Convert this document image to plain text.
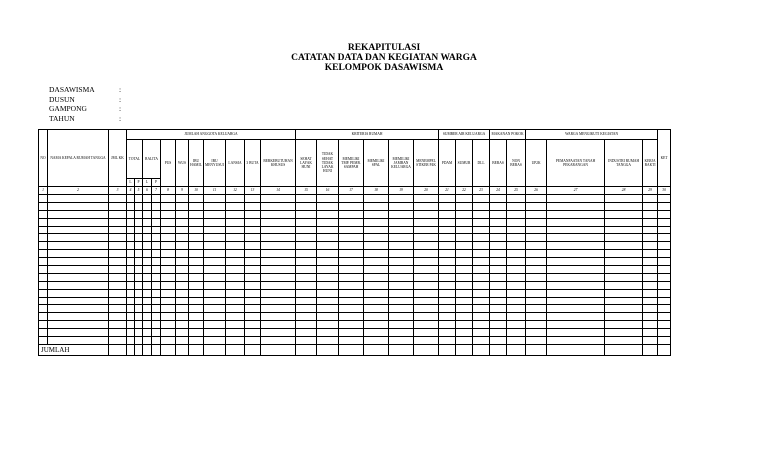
REKAPITULASI
CATATAN DATA DAN KEGIATAN WARGA
KELOMPOK DASAWISMA
DASAWISMA	:
DUSUN	:
GAMPONG	:
TAHUN	:
NO	NAMA KEPALA RUMAH TANGGA	JML KK	JUMLAH ANGGOTA KELUARGA											KRITERIA RUMAH						SUMBER AIR KELUARGA			MAKANAN POKOK		WARGA MENGIKUTI KEGIATAN				KET
			TOTAL		BALITA		PUS	WUS	IBU HAMIL	IBU MENYUSUI	LANSIA	3 BUTA	BERKEBUTUHAN KHUSUS	SEHAT LAYAK HUNI	TIDAK SEHAT TIDAK LAYAK HUNI	MEMILIKI TMP. PEMB. SAMPAH	MEMILIKI SPAL	MEMILIKI JAMBAN KELUARGA	MENEMPEL STIKER P4K	PDAM	SUMUR	DLL	BERAS	NON BERAS	UP2K	PEMANFAATAN TANAH PEKARANGAN	INDUSTRI RUMAH TANGGA	KERJA BAKTI	
			L	P	L	P																							
1	2	3	4	5	6	7	8	9	10	11	12	13	14	15	16	17	18	19	20	21	22	23	24	25	26	27	28	29	30

JUMLAH																													
